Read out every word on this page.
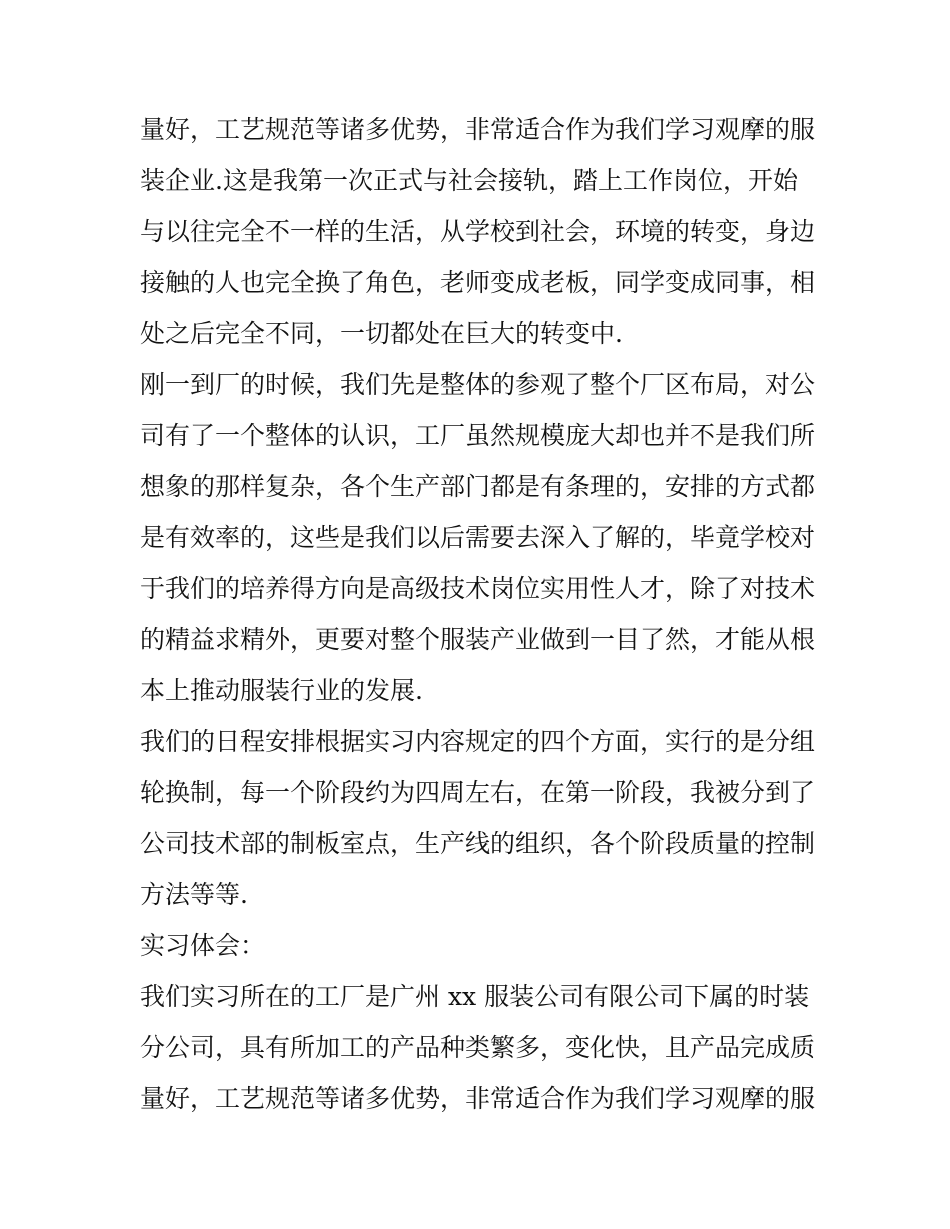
量好，工艺规范等诸多优势，非常适合作为我们学习观摩的服
装企业.这是我第一次正式与社会接轨，踏上工作岗位，开始
与以往完全不一样的生活，从学校到社会，环境的转变，身边
接触的人也完全换了角色，老师变成老板，同学变成同事，相
处之后完全不同，一切都处在巨大的转变中.
刚一到厂的时候，我们先是整体的参观了整个厂区布局，对公
司有了一个整体的认识，工厂虽然规模庞大却也并不是我们所
想象的那样复杂，各个生产部门都是有条理的，安排的方式都
是有效率的，这些是我们以后需要去深入了解的，毕竟学校对
于我们的培养得方向是高级技术岗位实用性人才，除了对技术
的精益求精外，更要对整个服装产业做到一目了然，才能从根
本上推动服装行业的发展.
我们的日程安排根据实习内容规定的四个方面，实行的是分组
轮换制，每一个阶段约为四周左右，在第一阶段，我被分到了
公司技术部的制板室点，生产线的组织，各个阶段质量的控制
方法等等.
实习体会：
我们实习所在的工厂是广州 xx 服装公司有限公司下属的时装
分公司，具有所加工的产品种类繁多，变化快，且产品完成质
量好，工艺规范等诸多优势，非常适合作为我们学习观摩的服
